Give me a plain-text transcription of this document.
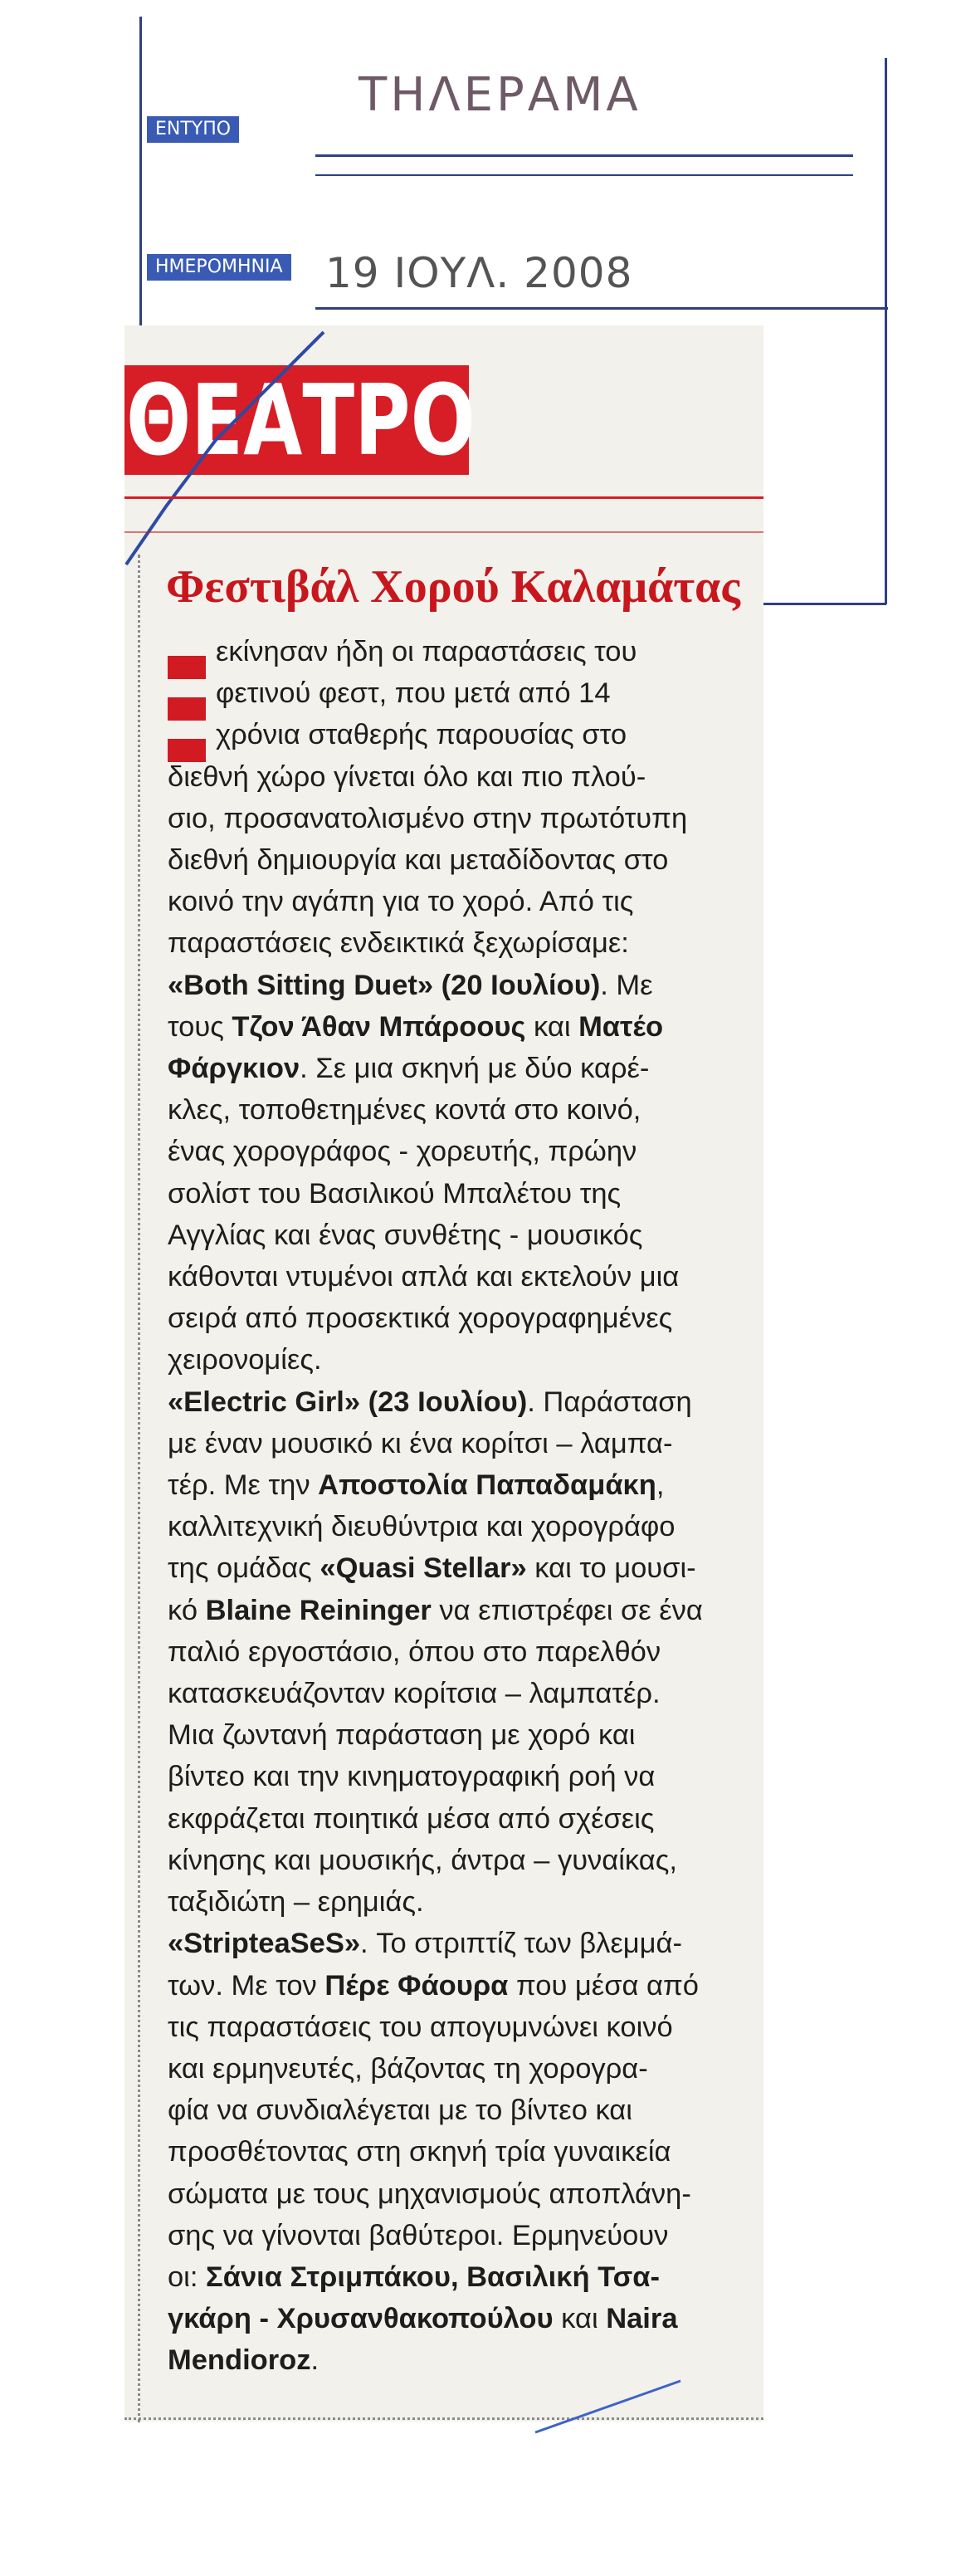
ΕΝΤΥΠΟ
ΤΗΛΕΡΑΜΑ
ΗΜΕΡΟΜΗΝΙΑ 19 ΙΟΥΛ. 2008
ΘΕΑΤΡΟ
Φεστιβάλ Χορού Καλαμάτας

εκίνησαν ήδη οι παραστάσεις του

φετινού φεστ, που μετά από 14

χρόνια σταθερής παρουσίας στο

διεθνή χώρο γίνεται όλο και πιο πλού-

σιο, προσανατολισμένο στην πρωτότυπη

διεθνή δημιουργία και μεταδίδοντας στο

κοινό την αγάπη για το χορό. Από τις

παραστάσεις ενδεικτικά ξεχωρίσαμε:

«Both Sitting Duet» (20 Ιουλίου). Με

τους Τζον Άθαν Μπάροους και Ματέο

Φάργκιον. Σε μια σκηνή με δύο καρέ-

κλες, τοποθετημένες κοντά στο κοινό,

ένας χορογράφος - χορευτής, πρώην

σολίστ του Βασιλικού Μπαλέτου της

Αγγλίας και ένας συνθέτης - μουσικός

κάθονται ντυμένοι απλά και εκτελούν μια

σειρά από προσεκτικά χορογραφημένες

χειρονομίες.

«Electric Girl» (23 Ιουλίου). Παράσταση

με έναν μουσικό κι ένα κορίτσι – λαμπα-

τέρ. Με την Αποστολία Παπαδαμάκη,

καλλιτεχνική διευθύντρια και χορογράφο

της ομάδας «Quasi Stellar» και το μουσι-

κό Blaine Reininger να επιστρέφει σε ένα

παλιό εργοστάσιο, όπου στο παρελθόν

κατασκευάζονταν κορίτσια – λαμπατέρ.

Μια ζωντανή παράσταση με χορό και

βίντεο και την κινηματογραφική ροή να

εκφράζεται ποιητικά μέσα από σχέσεις

κίνησης και μουσικής, άντρα – γυναίκας,

ταξιδιώτη – ερημιάς.

«StripteaSeS». Το στριπτίζ των βλεμμά-

των. Με τον Πέρε Φάουρα που μέσα από

τις παραστάσεις του απογυμνώνει κοινό

και ερμηνευτές, βάζοντας τη χορογρα-

φία να συνδιαλέγεται με το βίντεο και

προσθέτοντας στη σκηνή τρία γυναικεία

σώματα με τους μηχανισμούς απoπλάνη-

σης να γίνονται βαθύτεροι. Ερμηνεύουν

οι: Σάνια Στριμπάκου, Βασιλική Τσα-

γκάρη - Χρυσανθακοπούλου και Naira

Mendioroz.
